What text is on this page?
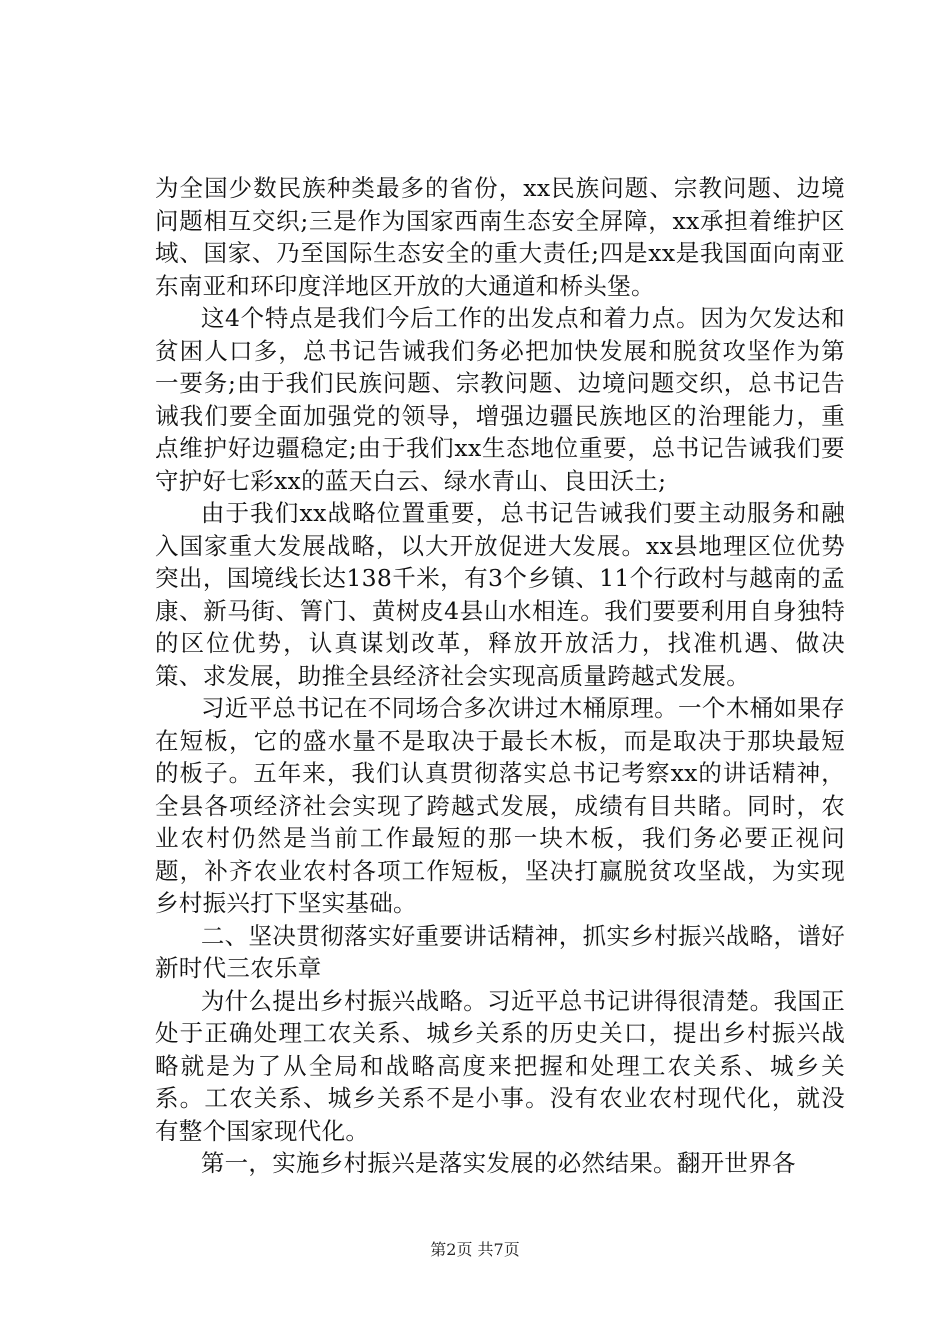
为全国少数民族种类最多的省份，xx民族问题、宗教问题、边境问题相互交织;三是作为国家西南生态安全屏障，xx承担着维护区域、国家、乃至国际生态安全的重大责任;四是xx是我国面向南亚东南亚和环印度洋地区开放的大通道和桥头堡。

这4个特点是我们今后工作的出发点和着力点。因为欠发达和贫困人口多，总书记告诫我们务必把加快发展和脱贫攻坚作为第一要务;由于我们民族问题、宗教问题、边境问题交织，总书记告诫我们要全面加强党的领导，增强边疆民族地区的治理能力，重点维护好边疆稳定;由于我们xx生态地位重要，总书记告诫我们要守护好七彩xx的蓝天白云、绿水青山、良田沃土;

由于我们xx战略位置重要，总书记告诫我们要主动服务和融入国家重大发展战略，以大开放促进大发展。xx县地理区位优势突出，国境线长达138千米，有3个乡镇、11个行政村与越南的孟康、新马街、箐门、黄树皮4县山水相连。我们要要利用自身独特的区位优势，认真谋划改革，释放开放活力，找准机遇、做决策、求发展，助推全县经济社会实现高质量跨越式发展。

习近平总书记在不同场合多次讲过木桶原理。一个木桶如果存在短板，它的盛水量不是取决于最长木板，而是取决于那块最短的板子。五年来，我们认真贯彻落实总书记考察xx的讲话精神，全县各项经济社会实现了跨越式发展，成绩有目共睹。同时，农业农村仍然是当前工作最短的那一块木板，我们务必要正视问题，补齐农业农村各项工作短板，坚决打赢脱贫攻坚战，为实现乡村振兴打下坚实基础。

二、坚决贯彻落实好重要讲话精神，抓实乡村振兴战略，谱好新时代三农乐章

为什么提出乡村振兴战略。习近平总书记讲得很清楚。我国正处于正确处理工农关系、城乡关系的历史关口，提出乡村振兴战略就是为了从全局和战略高度来把握和处理工农关系、城乡关系。工农关系、城乡关系不是小事。没有农业农村现代化，就没有整个国家现代化。

第一，实施乡村振兴是落实发展的必然结果。翻开世界各

第2页 共7页
